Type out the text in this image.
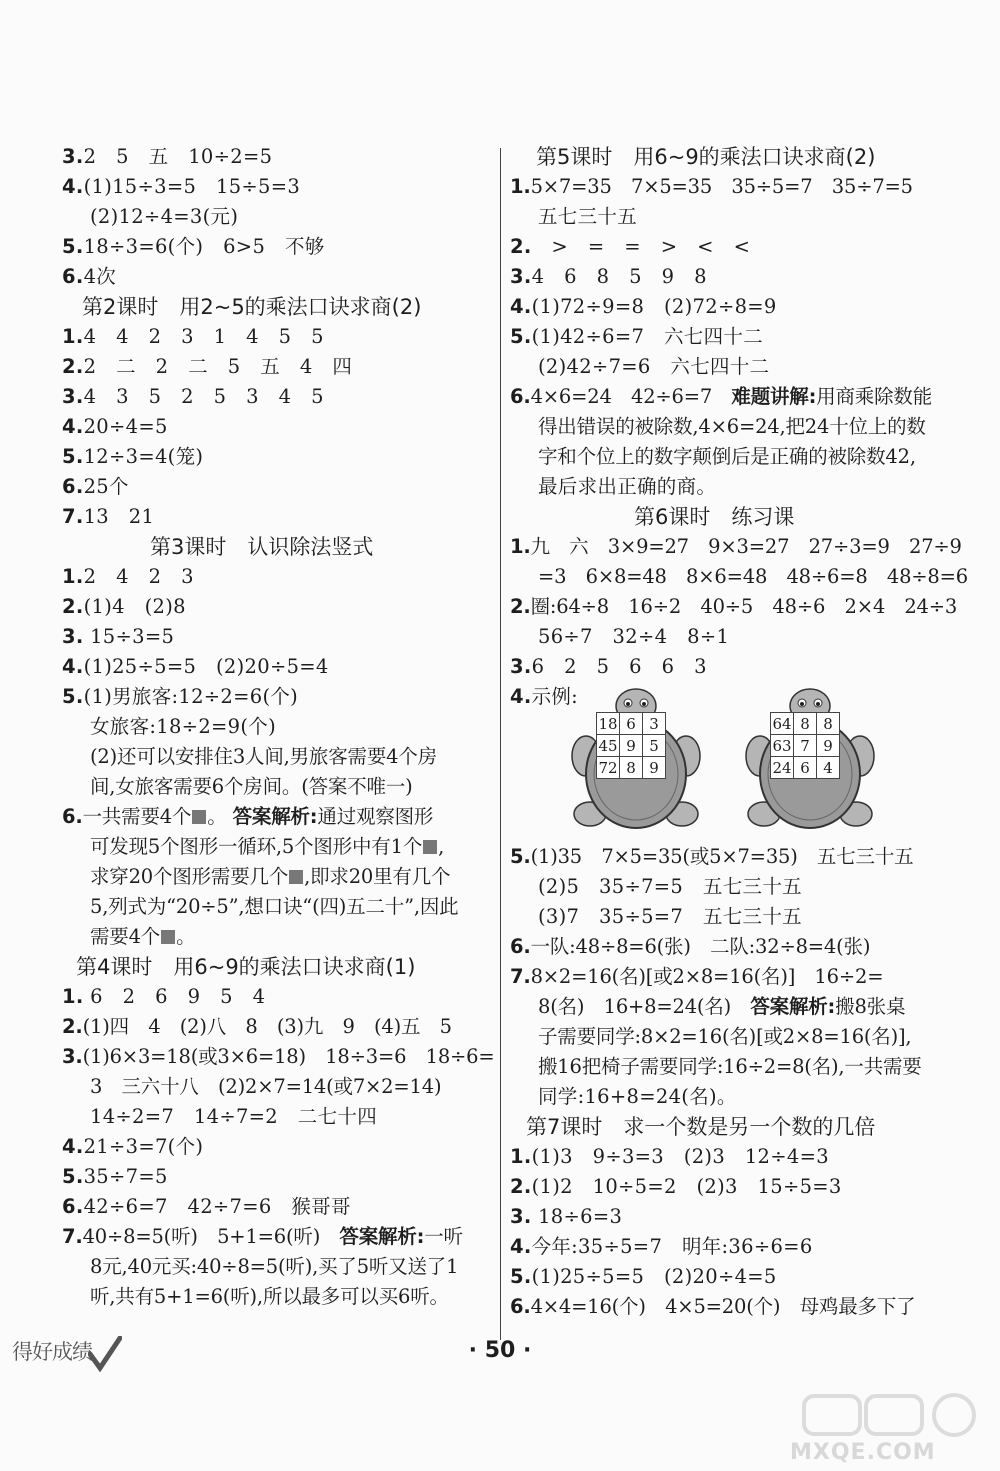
3.2　5　五　10÷2=5
4.(1)15÷3=5　15÷5=3
(2)12÷4=3(元)
5.18÷3=6(个)　6>5　不够
6.4次
第2课时　用2~5的乘法口诀求商(2)
1.4　4　2　3　1　4　5　5
2.2　二　2　二　5　五　4　四
3.4　3　5　2　5　3　4　5
4.20÷4=5
5.12÷3=4(笼)
6.25个
7.13　21
第3课时　认识除法竖式
1.2　4　2　3
2.(1)4　(2)8
3. 15÷3=5
4.(1)25÷5=5　(2)20÷5=4
5.(1)男旅客:12÷2=6(个)
女旅客:18÷2=9(个)
(2)还可以安排住3人间,男旅客需要4个房
间,女旅客需要6个房间。(答案不唯一)
6.一共需要4个 。 答案解析:通过观察图形
可发现5个图形一循环,5个图形中有1个 ,
求穿20个图形需要几个 ,即求20里有几个
5,列式为“20÷5”,想口诀“(四)五二十”,因此
需要4个 。
第4课时　用6~9的乘法口诀求商(1)
1. 6　2　6　9　5　4
2.(1)四　4　(2)八　8　(3)九　9　(4)五　5
3.(1)6×3=18(或3×6=18)　18÷3=6　18÷6=
3　三六十八　(2)2×7=14(或7×2=14)
14÷2=7　14÷7=2　二七十四
4.21÷3=7(个)
5.35÷7=5
6.42÷6=7　42÷7=6　猴哥哥
7.40÷8=5(听)　5+1=6(听)　答案解析:一听
8元,40元买:40÷8=5(听),买了5听又送了1
听,共有5+1=6(听),所以最多可以买6听。
第5课时　用6~9的乘法口诀求商(2)
1.5×7=35　7×5=35　35÷5=7　35÷7=5
五七三十五
2.　>　=　=　>　<　<
3.4　6　8　5　9　8
4.(1)72÷9=8　(2)72÷8=9
5.(1)42÷6=7　六七四十二
(2)42÷7=6　六七四十二
6.4×6=24　42÷6=7　难题讲解:用商乘除数能
得出错误的被除数,4×6=24,把24十位上的数
字和个位上的数字颠倒后是正确的被除数42,
最后求出正确的商。
第6课时　练习课
1.九　六　3×9=27　9×3=27　27÷3=9　27÷9
=3　6×8=48　8×6=48　48÷6=8　48÷8=6
2.圈:64÷8　16÷2　40÷5　48÷6　2×4　24÷3
56÷7　32÷4　8÷1
3.6　2　5　6　6　3
4.示例:
18	6	3
45	9	5
72	8	9
64	8	8
63	7	9
24	6	4
5.(1)35　7×5=35(或5×7=35)　五七三十五
(2)5　35÷7=5　五七三十五
(3)7　35÷5=7　五七三十五
6.一队:48÷8=6(张)　二队:32÷8=4(张)
7.8×2=16(名)[或2×8=16(名)]　16÷2=
8(名)　16+8=24(名)　答案解析:搬8张桌
子需要同学:8×2=16(名)[或2×8=16(名)],
搬16把椅子需要同学:16÷2=8(名),一共需要
同学:16+8=24(名)。
第7课时　求一个数是另一个数的几倍
1.(1)3　9÷3=3　(2)3　12÷4=3
2.(1)2　10÷5=2　(2)3　15÷5=3
3. 18÷6=3
4.今年:35÷5=7　明年:36÷6=6
5.(1)25÷5=5　(2)20÷4=5
6.4×4=16(个)　4×5=20(个)　母鸡最多下了
得好成绩	· 50 ·
MXQE.COM
